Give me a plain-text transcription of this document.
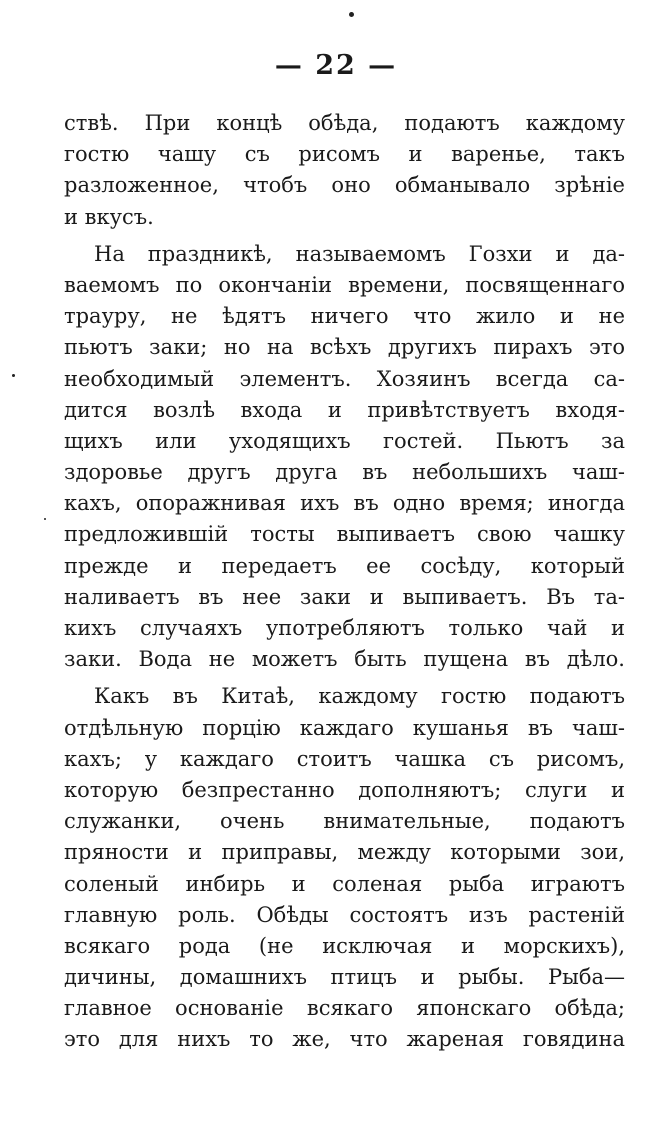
— 22 —
ствѣ. При концѣ обѣда, подаютъ каждому
гостю чашу съ рисомъ и вареньe, такъ
разложенное, чтобъ оно обманывало зрѣніе
и вкусъ.
На праздникѣ, называемомъ Гозхи и да-
ваемомъ по окончаніи времени, посвященнаго
трауру, не ѣдятъ ничего что жило и не
пьютъ заки; но на всѣхъ другихъ пирахъ это
необходимый элементъ. Хозяинъ всегда са-
дится возлѣ входа и привѣтствуетъ входя-
щихъ или уходящихъ гостей. Пьютъ за
здоровье другъ друга въ небольшихъ чаш-
кахъ, опоражнивая ихъ въ одно время; иногда
предложившій тосты выпиваетъ свою чашку
прежде и передаетъ ее сосѣду, который
наливаетъ въ нее заки и выпиваетъ. Въ та-
кихъ случаяхъ употребляютъ только чай и
заки. Вода не можетъ быть пущена въ дѣло.
Какъ въ Китаѣ, каждому гостю подаютъ
отдѣльную порцію каждаго кушанья въ чаш-
кахъ; у каждаго стоитъ чашка съ рисомъ,
которую безпрестанно дополняютъ; слуги и
служанки, очень внимательные, подаютъ
пряности и приправы, между которыми зои,
соленый инбирь и соленая рыба играютъ
главную роль. Обѣды состоятъ изъ растеній
всякаго рода (не исключая и морскихъ),
дичины, домашнихъ птицъ и рыбы. Рыба—
главное основаніе всякаго японскаго обѣда;
это для нихъ то же, что жареная говядина
